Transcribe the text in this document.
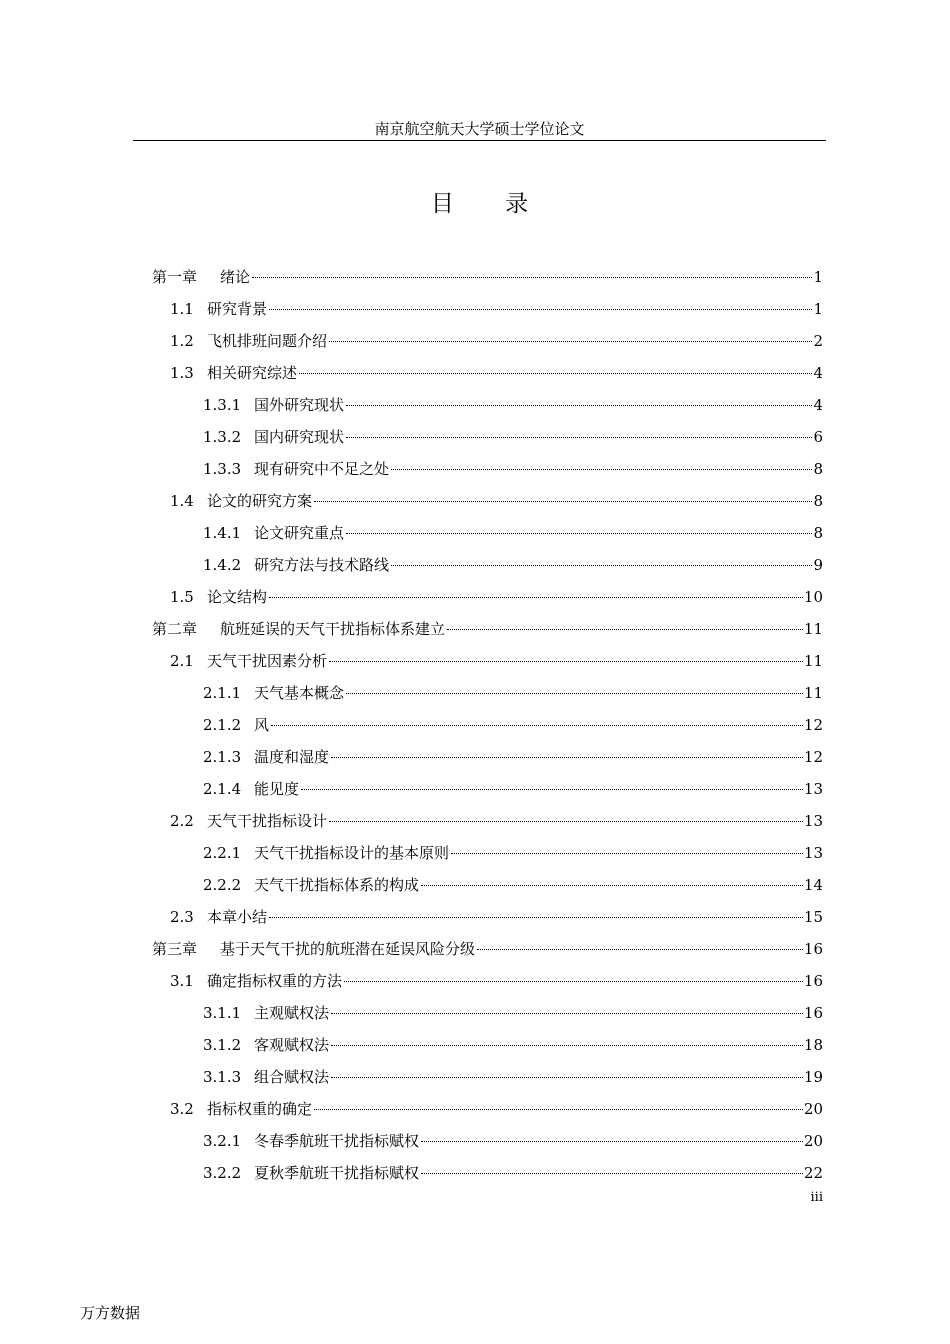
南京航空航天大学硕士学位论文
目 录
第一章	绪论	1
1.1 研究背景	1
1.2 飞机排班问题介绍	2
1.3 相关研究综述	4
1.3.1 国外研究现状	4
1.3.2 国内研究现状	6
1.3.3 现有研究中不足之处	8
1.4 论文的研究方案	8
1.4.1 论文研究重点	8
1.4.2 研究方法与技术路线	9
1.5 论文结构	10
第二章	航班延误的天气干扰指标体系建立	11
2.1 天气干扰因素分析	11
2.1.1 天气基本概念	11
2.1.2 风	12
2.1.3 温度和湿度	12
2.1.4 能见度	13
2.2 天气干扰指标设计	13
2.2.1 天气干扰指标设计的基本原则	13
2.2.2 天气干扰指标体系的构成	14
2.3 本章小结	15
第三章	基于天气干扰的航班潜在延误风险分级	16
3.1 确定指标权重的方法	16
3.1.1 主观赋权法	16
3.1.2 客观赋权法	18
3.1.3 组合赋权法	19
3.2 指标权重的确定	20
3.2.1 冬春季航班干扰指标赋权	20
3.2.2 夏秋季航班干扰指标赋权	22
iii
万方数据
